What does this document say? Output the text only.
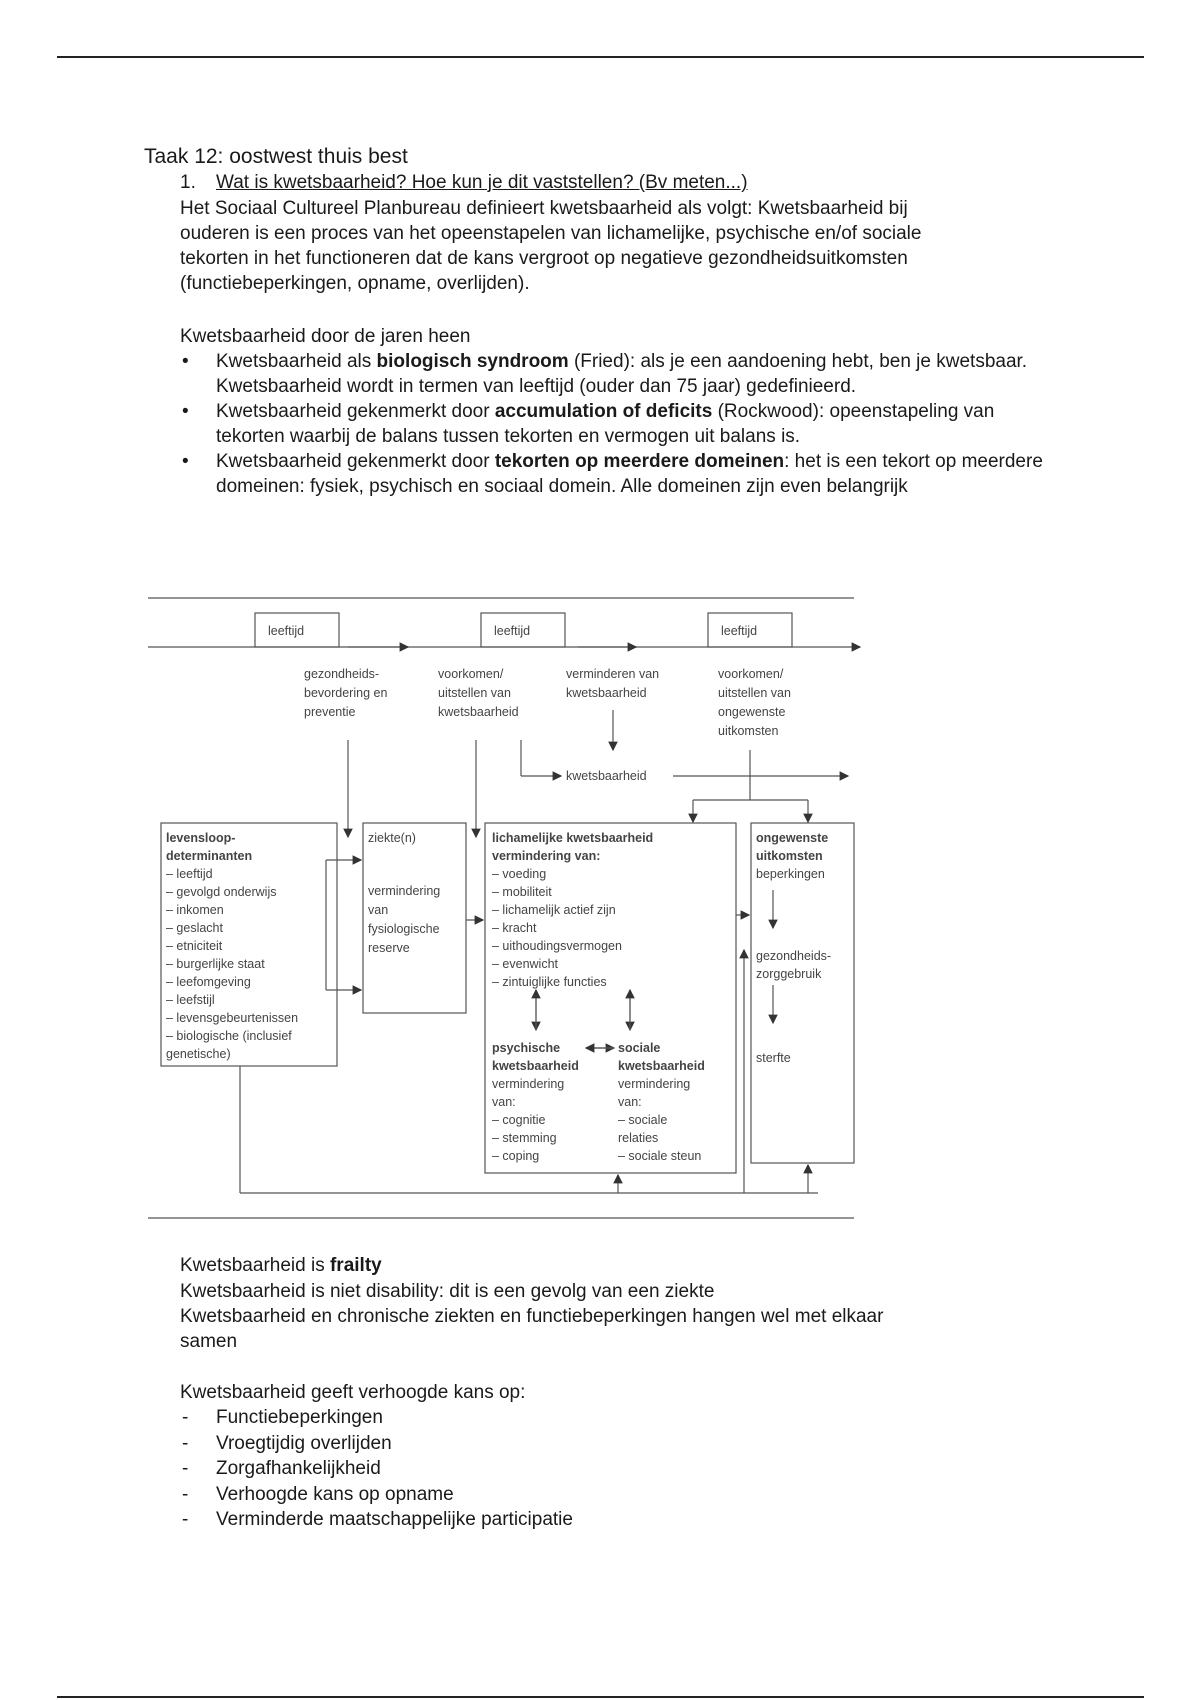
Taak 12: oostwest thuis best
1. Wat is kwetsbaarheid? Hoe kun je dit vaststellen? (Bv meten...)
Het Sociaal Cultureel Planbureau definieert kwetsbaarheid als volgt: Kwetsbaarheid bij
ouderen is een proces van het opeenstapelen van lichamelijke, psychische en/of sociale
tekorten in het functioneren dat de kans vergroot op negatieve gezondheidsuitkomsten
(functiebeperkingen, opname, overlijden).
Kwetsbaarheid door de jaren heen
• Kwetsbaarheid als biologisch syndroom (Fried): als je een aandoening hebt, ben je kwetsbaar. Kwetsbaarheid wordt in termen van leeftijd (ouder dan 75 jaar) gedefinieerd.
• Kwetsbaarheid gekenmerkt door accumulation of deficits (Rockwood): opeenstapeling van tekorten waarbij de balans tussen tekorten en vermogen uit balans is.
• Kwetsbaarheid gekenmerkt door tekorten op meerdere domeinen: het is een tekort op meerdere domeinen: fysiek, psychisch en sociaal domein. Alle domeinen zijn even belangrijk
leeftijd	leeftijd	leeftijd
gezondheids-
bevordering en
preventie
voorkomen/
uitstellen van
kwetsbaarheid
verminderen van
kwetsbaarheid
voorkomen/
uitstellen van
ongewenste
uitkomsten
kwetsbaarheid
levensloop-
determinanten
– leeftijd
– gevolgd onderwijs
– inkomen
– geslacht
– etniciteit
– burgerlijke staat
– leefomgeving
– leefstijl
– levensgebeurtenissen
– biologische (inclusief
genetische)
ziekte(n)
vermindering
van
fysiologische
reserve
lichamelijke kwetsbaarheid
vermindering van:
– voeding
– mobiliteit
– lichamelijk actief zijn
– kracht
– uithoudingsvermogen
– evenwicht
– zintuiglijke functies
psychische
kwetsbaarheid
vermindering
van:
– cognitie
– stemming
– coping
sociale
kwetsbaarheid
vermindering
van:
– sociale
relaties
– sociale steun
ongewenste
uitkomsten
beperkingen
gezondheids-
zorggebruik
sterfte
Kwetsbaarheid is frailty
Kwetsbaarheid is niet disability: dit is een gevolg van een ziekte
Kwetsbaarheid en chronische ziekten en functiebeperkingen hangen wel met elkaar
samen
Kwetsbaarheid geeft verhoogde kans op:
- Functiebeperkingen
- Vroegtijdig overlijden
- Zorgafhankelijkheid
- Verhoogde kans op opname
- Verminderde maatschappelijke participatie
